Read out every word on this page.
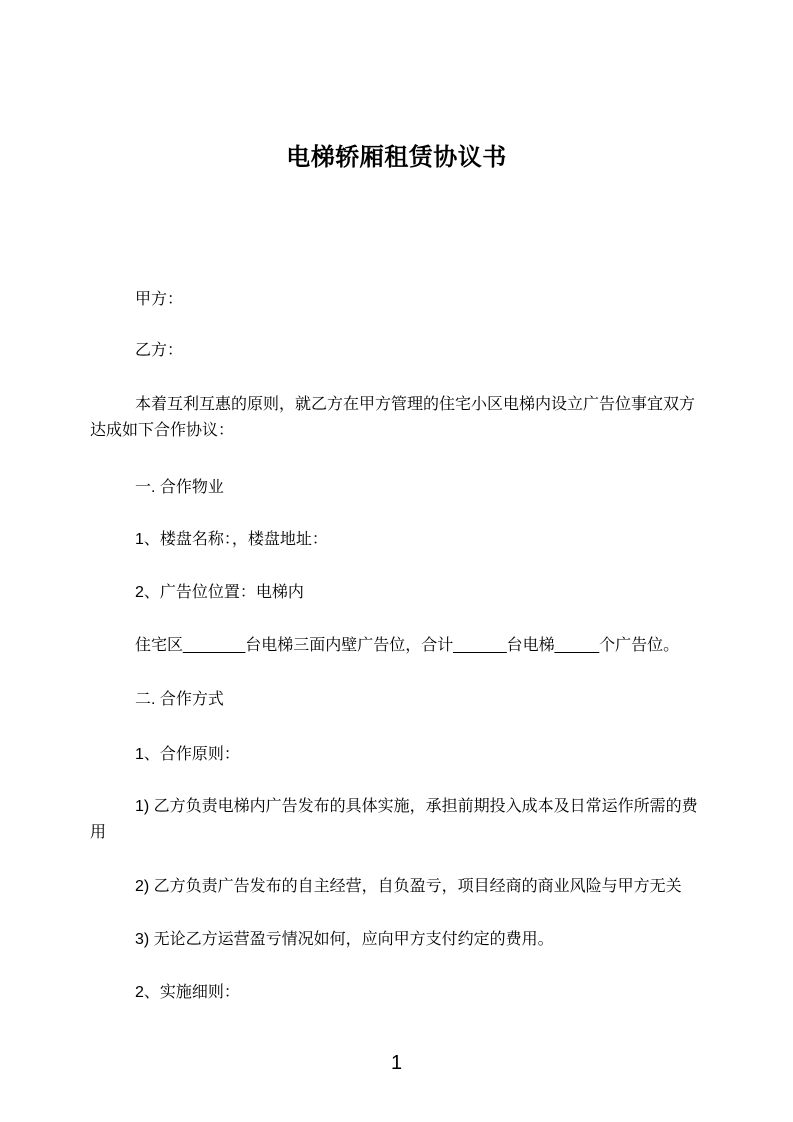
电梯轿厢租赁协议书
甲方：
乙方：
本着互利互惠的原则，就乙方在甲方管理的住宅小区电梯内设立广告位事宜双方
达成如下合作协议：
一. 合作物业
1、楼盘名称：，楼盘地址：
2、广告位位置：电梯内
住宅区_______台电梯三面内壁广告位，合计______台电梯_____个广告位。
二. 合作方式
1、合作原则：
1) 乙方负责电梯内广告发布的具体实施，承担前期投入成本及日常运作所需的费
用
2) 乙方负责广告发布的自主经营，自负盈亏，项目经商的商业风险与甲方无关
3) 无论乙方运营盈亏情况如何，应向甲方支付约定的费用。
2、实施细则：
1
